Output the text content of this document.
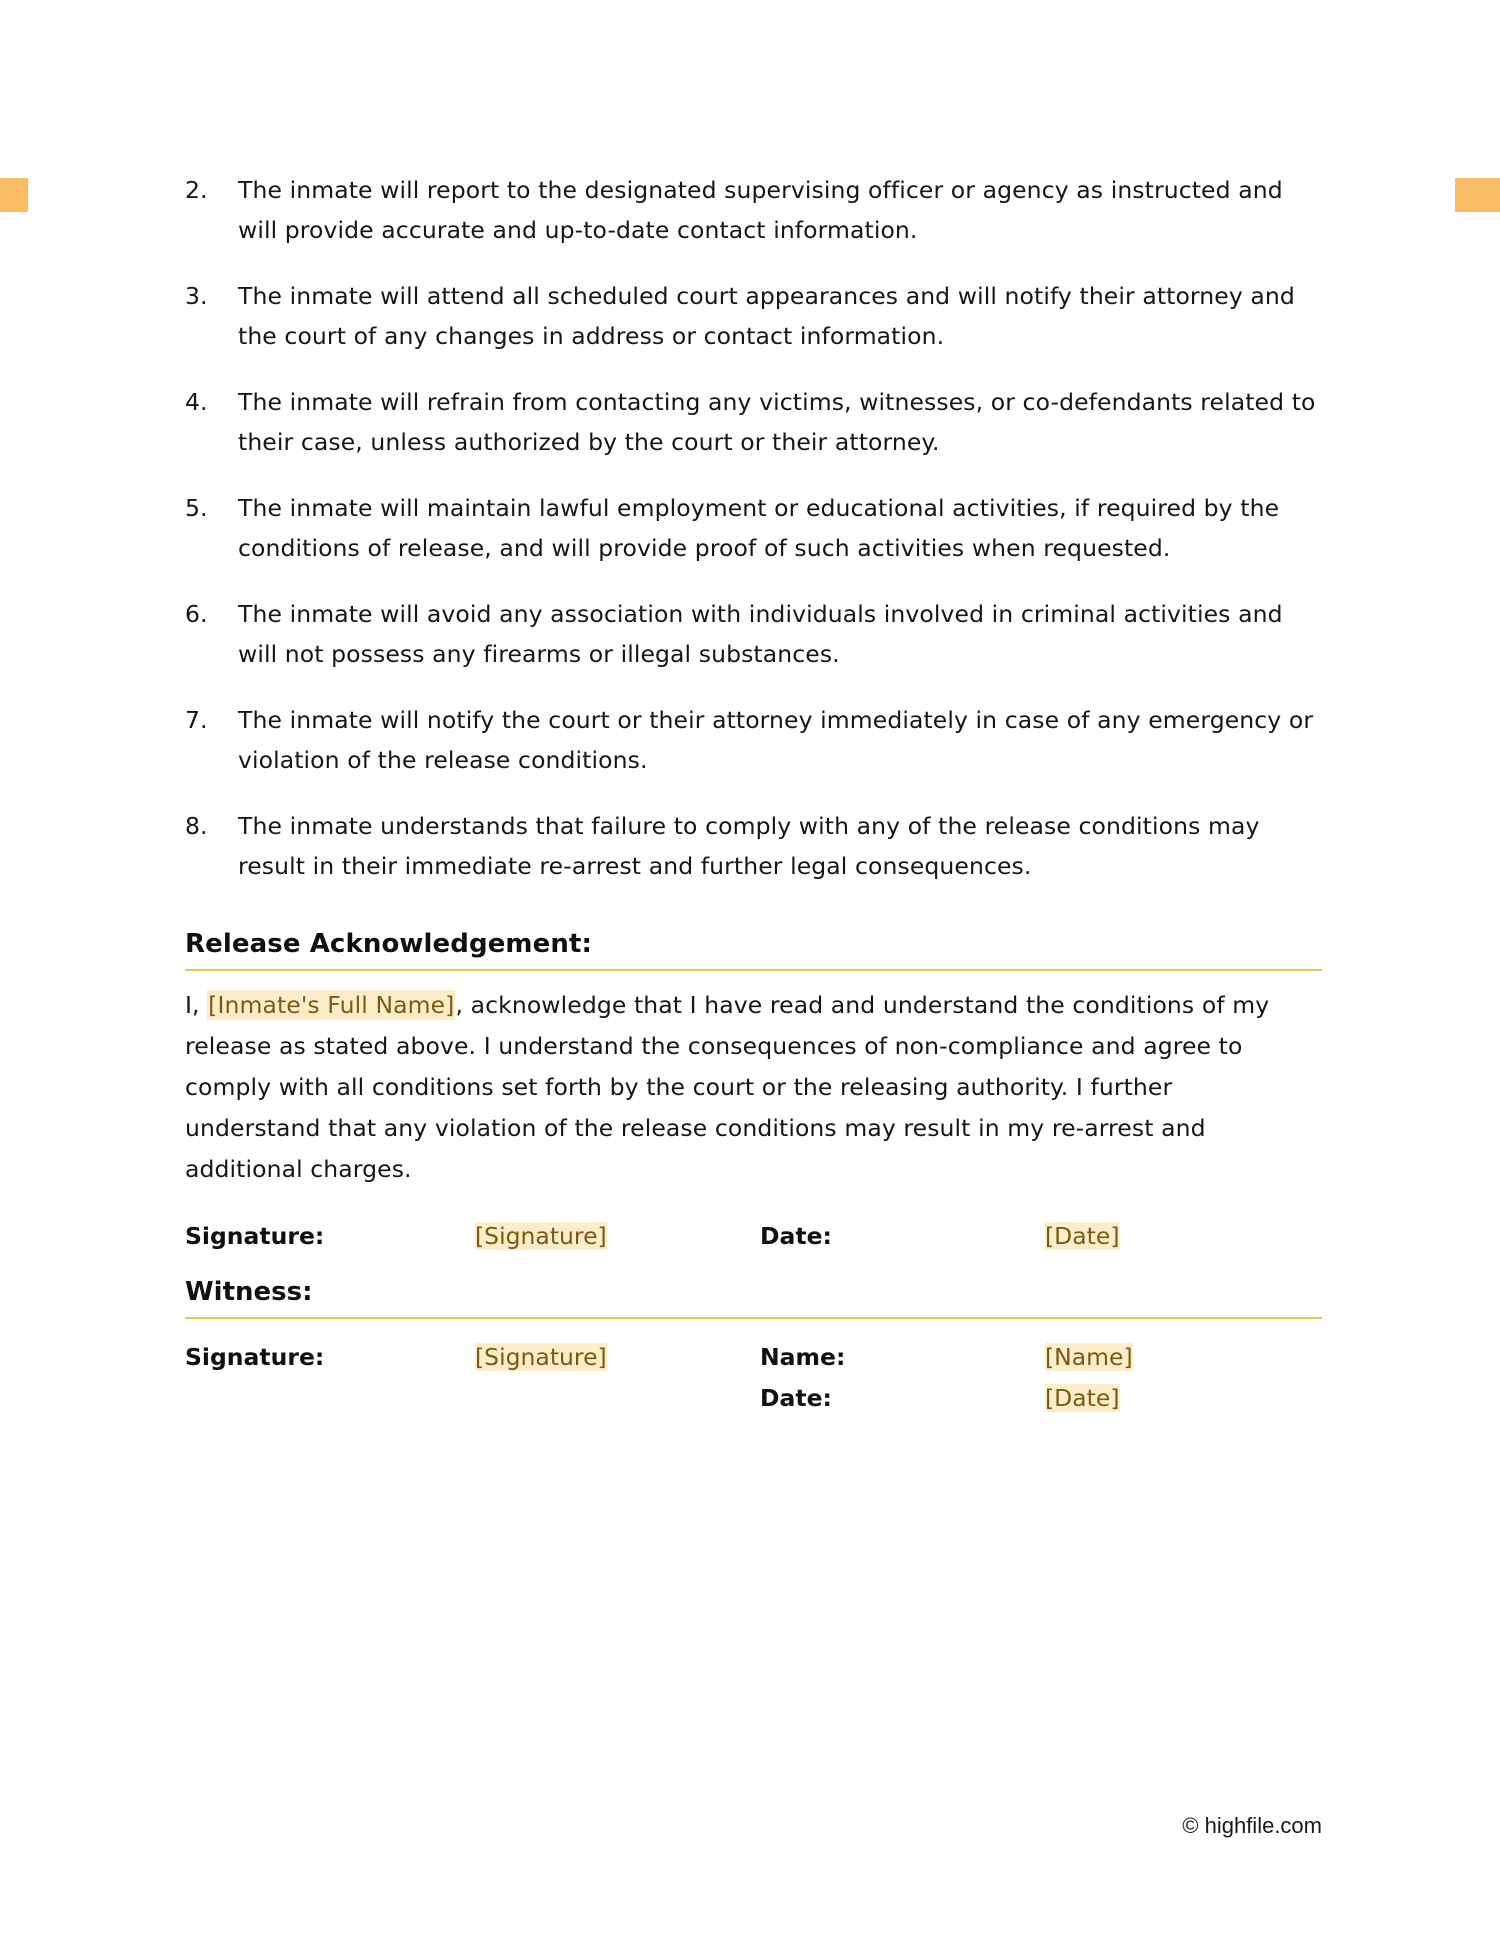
2.	The inmate will report to the designated supervising officer or agency as instructed and will provide accurate and up-to-date contact information.
3.	The inmate will attend all scheduled court appearances and will notify their attorney and the court of any changes in address or contact information.
4.	The inmate will refrain from contacting any victims, witnesses, or co-defendants related to their case, unless authorized by the court or their attorney.
5.	The inmate will maintain lawful employment or educational activities, if required by the conditions of release, and will provide proof of such activities when requested.
6.	The inmate will avoid any association with individuals involved in criminal activities and will not possess any firearms or illegal substances.
7.	The inmate will notify the court or their attorney immediately in case of any emergency or violation of the release conditions.
8.	The inmate understands that failure to comply with any of the release conditions may result in their immediate re-arrest and further legal consequences.
Release Acknowledgement:

I, [Inmate's Full Name], acknowledge that I have read and understand the conditions of my release as stated above. I understand the consequences of non-compliance and agree to comply with all conditions set forth by the court or the releasing authority. I further understand that any violation of the release conditions may result in my re-arrest and additional charges.

Signature:	[Signature]	Date:	[Date]
Witness:
Signature:	[Signature]	Name:	[Name]
Date:	[Date]
© highfile.com
